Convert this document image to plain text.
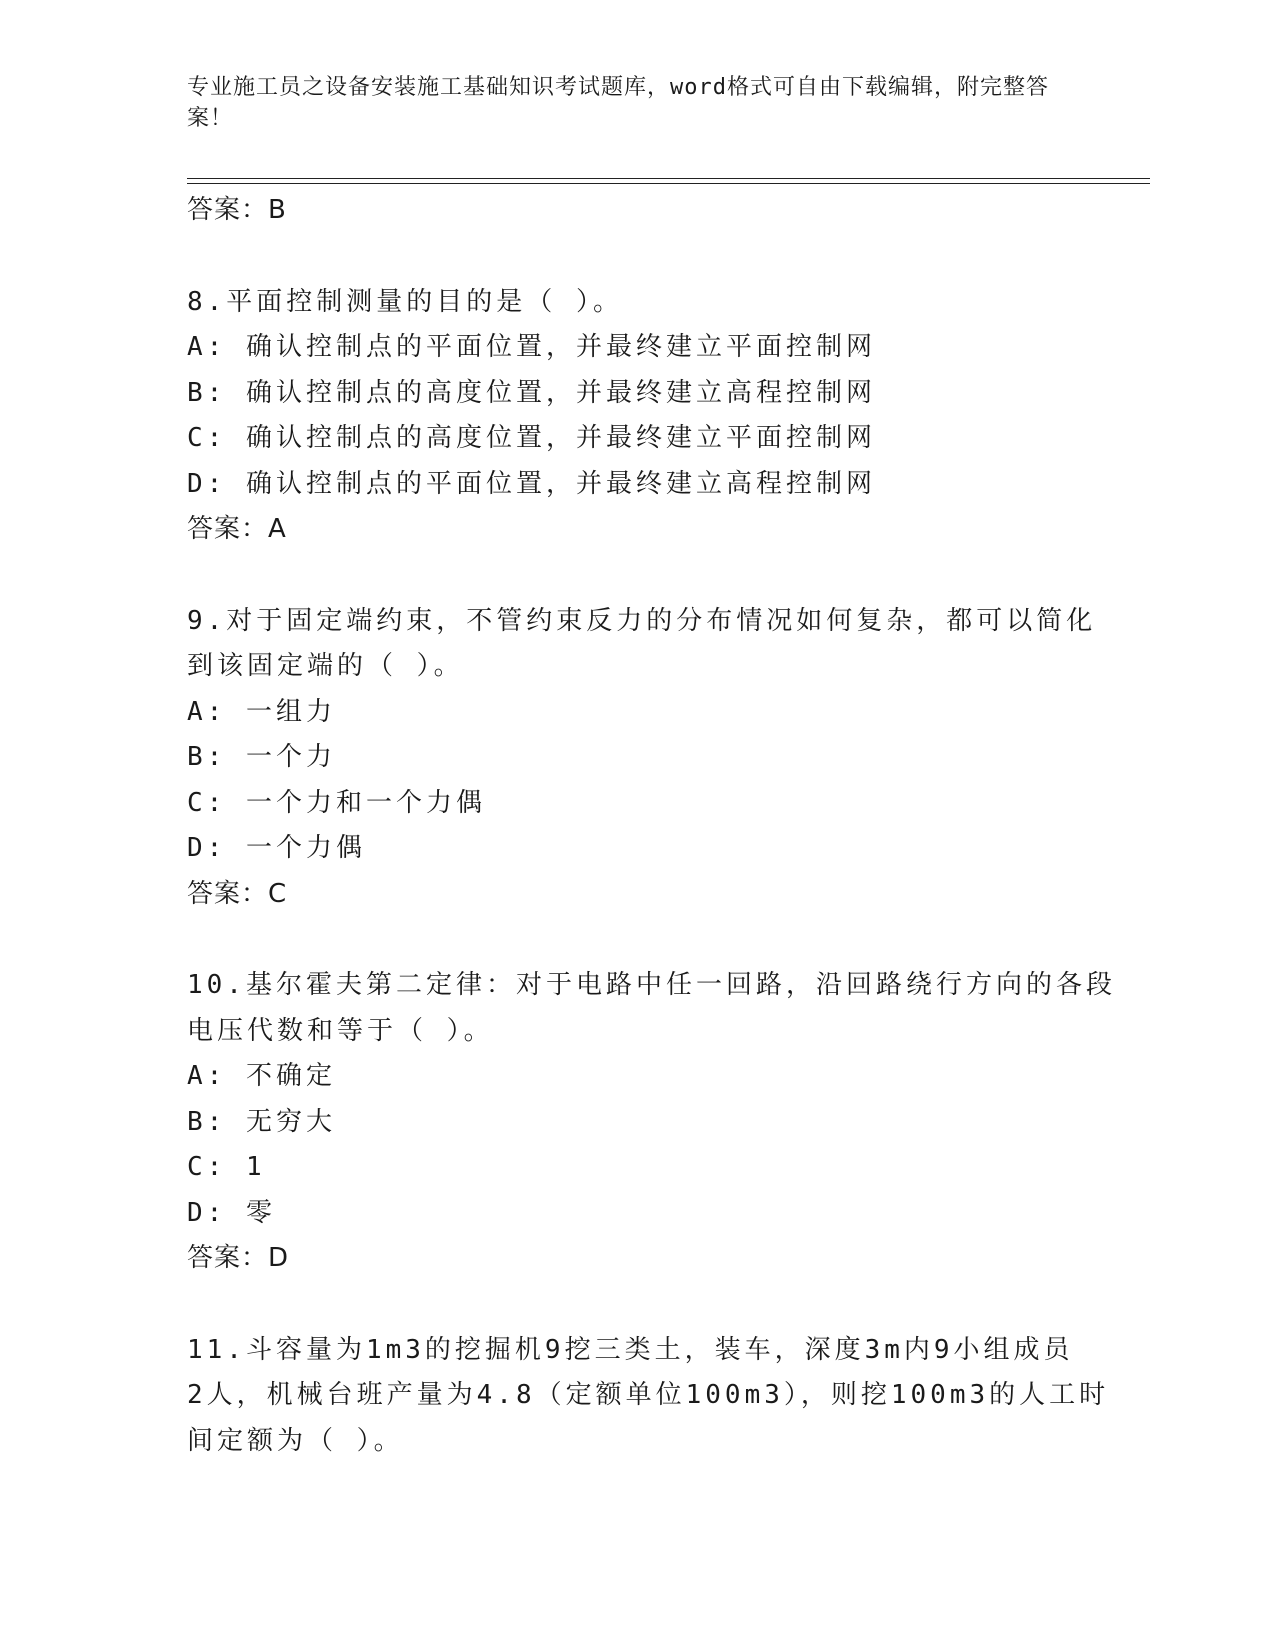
专业施工员之设备安装施工基础知识考试题库，word格式可自由下载编辑，附完整答案！
答案：B
8.平面控制测量的目的是（ ）。
A: 确认控制点的平面位置，并最终建立平面控制网
B: 确认控制点的高度位置，并最终建立高程控制网
C: 确认控制点的高度位置，并最终建立平面控制网
D: 确认控制点的平面位置，并最终建立高程控制网
答案：A
9.对于固定端约束，不管约束反力的分布情况如何复杂，都可以简化
到该固定端的（ ）。
A: 一组力
B: 一个力
C: 一个力和一个力偶
D: 一个力偶
答案：C
10.基尔霍夫第二定律：对于电路中任一回路，沿回路绕行方向的各段
电压代数和等于（ ）。
A: 不确定
B: 无穷大
C: 1
D: 零
答案：D
11.斗容量为1m3的挖掘机9挖三类土，装车，深度3m内9小组成员
2人，机械台班产量为4.8（定额单位100m3），则挖100m3的人工时
间定额为（ ）。
